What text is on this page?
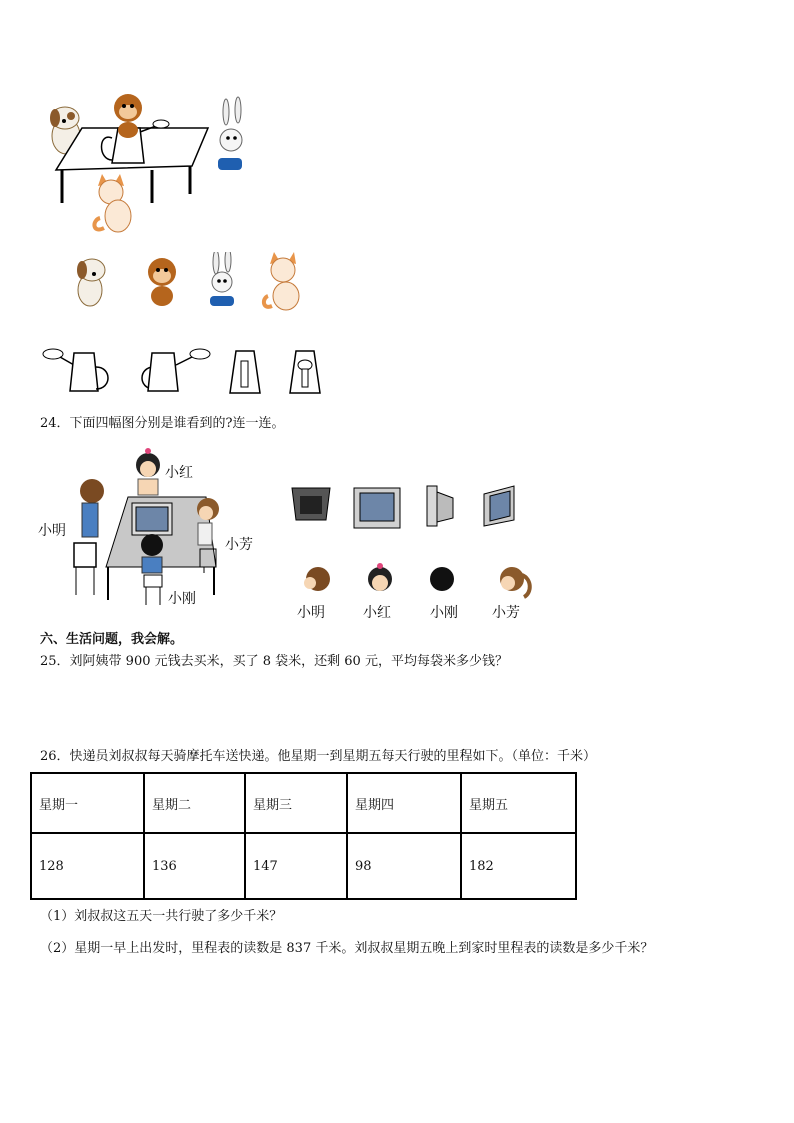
24．下面四幅图分别是谁看到的?连一连。
小明
小红
小芳
小刚
小明	小红	小刚 小芳
六、生活问题，我会解。
25．刘阿姨带 900 元钱去买米，买了 8 袋米，还剩 60 元，平均每袋米多少钱？
26．快递员刘叔叔每天骑摩托车送快递。他星期一到星期五每天行驶的里程如下。（单位：千米）
星期一	星期二	星期三	星期四	星期五
128	136	147	98	182
（1）刘叔叔这五天一共行驶了多少千米？
（2）星期一早上出发时，里程表的读数是 837 千米。刘叔叔星期五晚上到家时里程表的读数是多少千米？
